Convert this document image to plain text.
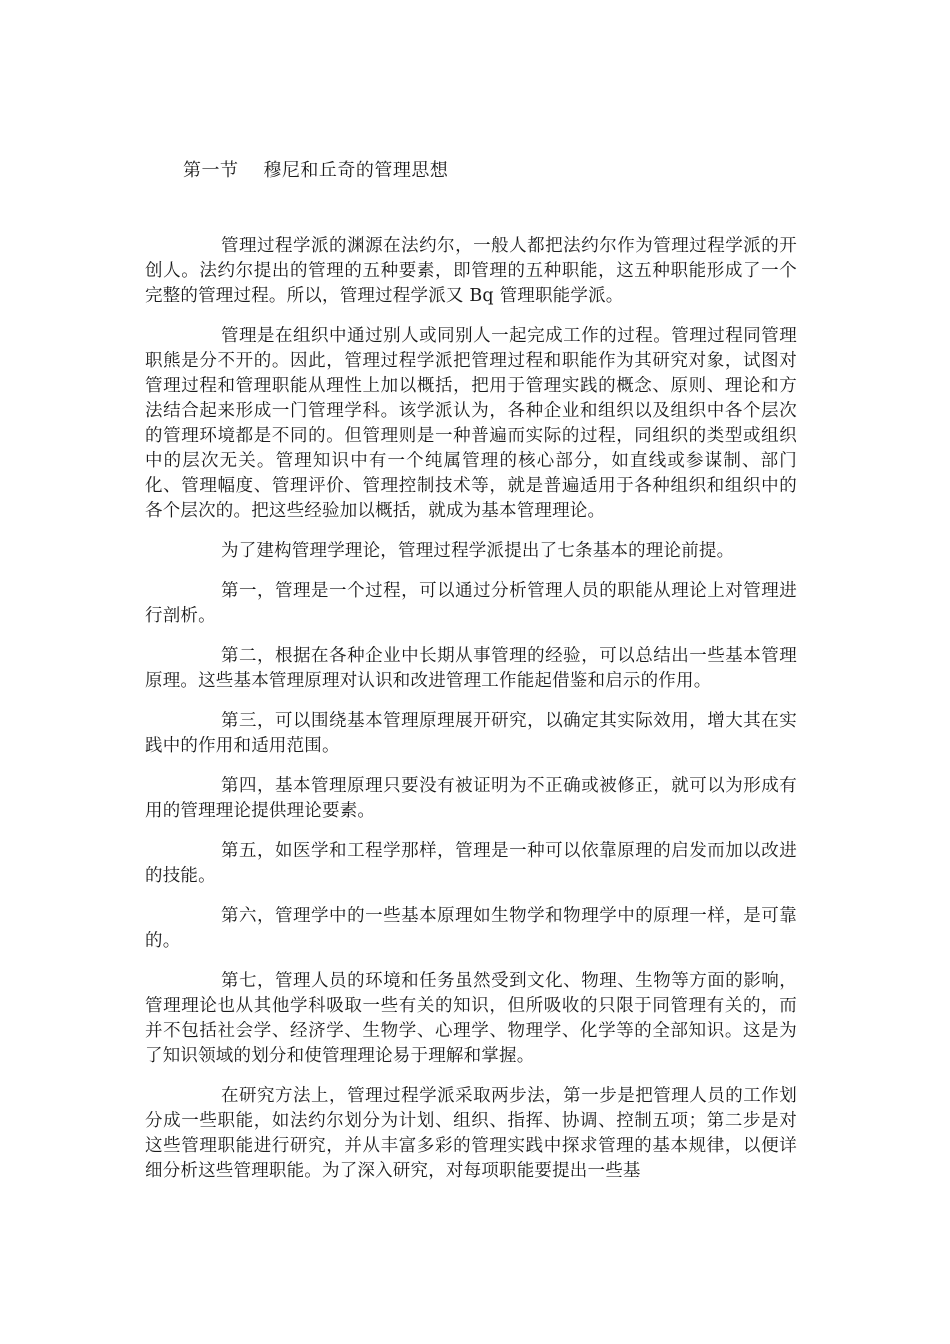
第一节    穆尼和丘奇的管理思想

管理过程学派的渊源在法约尔，一般人都把法约尔作为管理过程学派的开创人。法约尔提出的管理的五种要素，即管理的五种职能，这五种职能形成了一个完整的管理过程。所以，管理过程学派又 Bq 管理职能学派。

管理是在组织中通过别人或同别人一起完成工作的过程。管理过程同管理职熊是分不开的。因此，管理过程学派把管理过程和职能作为其研究对象，试图对管理过程和管理职能从理性上加以概括，把用于管理实践的概念、原则、理论和方法结合起来形成一门管理学科。该学派认为，各种企业和组织以及组织中各个层次的管理环境都是不同的。但管理则是一种普遍而实际的过程，同组织的类型或组织中的层次无关。管理知识中有一个纯属管理的核心部分，如直线或参谋制、部门化、管理幅度、管理评价、管理控制技术等，就是普遍适用于各种组织和组织中的各个层次的。把这些经验加以概括，就成为基本管理理论。

为了建构管理学理论，管理过程学派提出了七条基本的理论前提。

第一，管理是一个过程，可以通过分析管理人员的职能从理论上对管理进行剖析。

第二，根据在各种企业中长期从事管理的经验，可以总结出一些基本管理原理。这些基本管理原理对认识和改进管理工作能起借鉴和启示的作用。

第三，可以围绕基本管理原理展开研究，以确定其实际效用，增大其在实践中的作用和适用范围。

第四，基本管理原理只要没有被证明为不正确或被修正，就可以为形成有用的管理理论提供理论要素。

第五，如医学和工程学那样，管理是一种可以依靠原理的启发而加以改进的技能。

第六，管理学中的一些基本原理如生物学和物理学中的原理一样，是可靠的。

第七，管理人员的环境和任务虽然受到文化、物理、生物等方面的影响，管理理论也从其他学科吸取一些有关的知识，但所吸收的只限于同管理有关的，而并不包括社会学、经济学、生物学、心理学、物理学、化学等的全部知识。这是为了知识领域的划分和使管理理论易于理解和掌握。

在研究方法上，管理过程学派采取两步法，第一步是把管理人员的工作划分成一些职能，如法约尔划分为计划、组织、指挥、协调、控制五项；第二步是对这些管理职能进行研究，并从丰富多彩的管理实践中探求管理的基本规律，以便详细分析这些管理职能。为了深入研究，对每项职能要提出一些基
